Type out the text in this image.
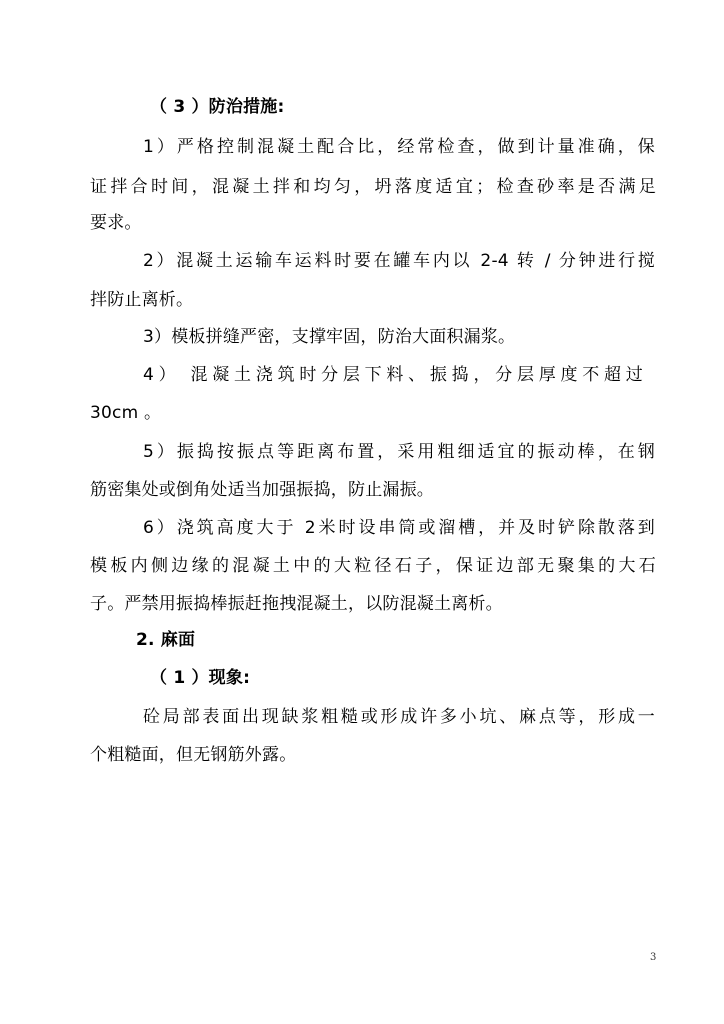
（ 3 ）防治措施:
1）严格控制混凝土配合比，经常检查，做到计量准确，保
证拌合时间，混凝土拌和均匀，坍落度适宜；检查砂率是否满足
要求。
2）混凝土运输车运料时要在罐车内以 2-4 转 / 分钟进行搅
拌防止离析。
3）模板拼缝严密，支撑牢固，防治大面积漏浆。
4） 混凝土浇筑时分层下料、振捣，分层厚度不超过
30cm 。
5）振捣按振点等距离布置，采用粗细适宜的振动棒，在钢
筋密集处或倒角处适当加强振捣，防止漏振。
6）浇筑高度大于 2米时设串筒或溜槽，并及时铲除散落到
模板内侧边缘的混凝土中的大粒径石子，保证边部无聚集的大石
子。严禁用振捣棒振赶拖拽混凝土，以防混凝土离析。
2. 麻面
（ 1 ）现象:
砼局部表面出现缺浆粗糙或形成许多小坑、麻点等，形成一
个粗糙面，但无钢筋外露。
3
